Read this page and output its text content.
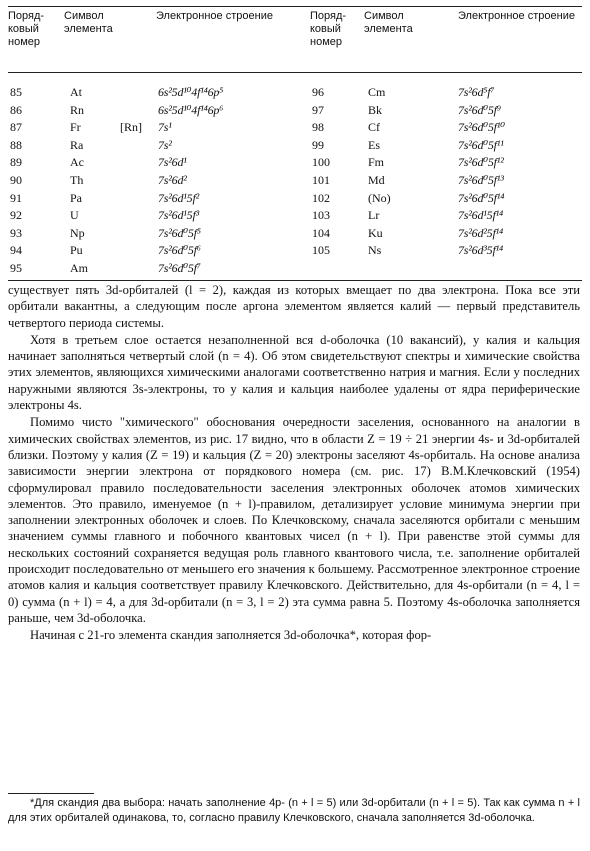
Поряд-ковый номер
Символ элемента
Электронное строение
85	At	6s²5d¹⁰4f¹⁴6p⁵
86	Rn	6s²5d¹⁰4f¹⁴6p⁶
87	Fr	[Rn] 7s¹
88	Ra	7s²
89	Ac	7s²6d¹
90	Th	7s²6d²
91	Pa	7s²6d¹5f²
92	U	7s²6d¹5f³
93	Np	7s²6d⁰5f⁵
94	Pu	7s²6d⁰5f⁶
95	Am	7s²6d⁰5f⁷
Поряд-ковый номер
Символ элемента
Электронное строение
96	Cm	7s²6d⁵f⁷
97	Bk	7s²6d⁰5f⁹
98	Cf	7s²6d⁰5f¹⁰
99	Es	7s²6d⁰5f¹¹
100	Fm	7s²6d⁰5f¹²
101	Md	7s²6d⁰5f¹³
102	(No)	7s²6d⁰5f¹⁴
103	Lr	7s²6d¹5f¹⁴
104	Ku	7s²6d²5f¹⁴
105	Ns	7s²6d³5f¹⁴

существует пять 3d-орбиталей (l = 2), каждая из которых вмещает по два электрона. Пока все эти орбитали вакантны, а следующим после аргона элементом является калий — первый представитель четвертого периода системы.

Хотя в третьем слое остается незаполненной вся d-оболочка (10 вакансий), у калия и кальция начинает заполняться четвертый слой (n = 4). Об этом свидетельствуют спектры и химические свойства этих элементов, являющихся химическими аналогами соответственно натрия и магния. Если у последних наружными являются 3s-электроны, то у калия и кальция наиболее удалены от ядра периферические электроны 4s.

Помимо чисто "химического" обоснования очередности заселения, основанного на аналогии в химических свойствах элементов, из рис. 17 видно, что в области Z = 19 ÷ 21 энергии 4s- и 3d-орбиталей близки. Поэтому у калия (Z = 19) и кальция (Z = 20) электроны заселяют 4s-орбиталь. На основе анализа зависимости энергии электрона от порядкового номера (см. рис. 17) В.М.Клечковский (1954) сформулировал правило последовательности заселения электронных оболочек атомов химических элементов. Это правило, именуемое (n + l)-правилом, детализирует условие минимума энергии при заполнении электронных оболочек и слоев. По Клечковскому, сначала заселяются орбитали с меньшим значением суммы главного и побочного квантовых чисел (n + l). При равенстве этой суммы для нескольких состояний сохраняется ведущая роль главного квантового числа, т.е. заполнение орбиталей происходит последовательно от меньшего его значения к большему. Рассмотренное электронное строение атомов калия и кальция соответствует правилу Клечковского. Действительно, для 4s-орбитали (n = 4, l = 0) сумма (n + l) = 4, а для 3d-орбитали (n = 3, l = 2) эта сумма равна 5. Поэтому 4s-оболочка заполняется раньше, чем 3d-оболочка.

Начиная с 21-го элемента скандия заполняется 3d-оболочка*, которая фор-

*Для скандия два выбора: начать заполнение 4p- (n + l = 5) или 3d-орбитали (n + l = 5). Так как сумма n + l для этих орбиталей одинакова, то, согласно правилу Клечковского, сначала заполняется 3d-оболочка.
